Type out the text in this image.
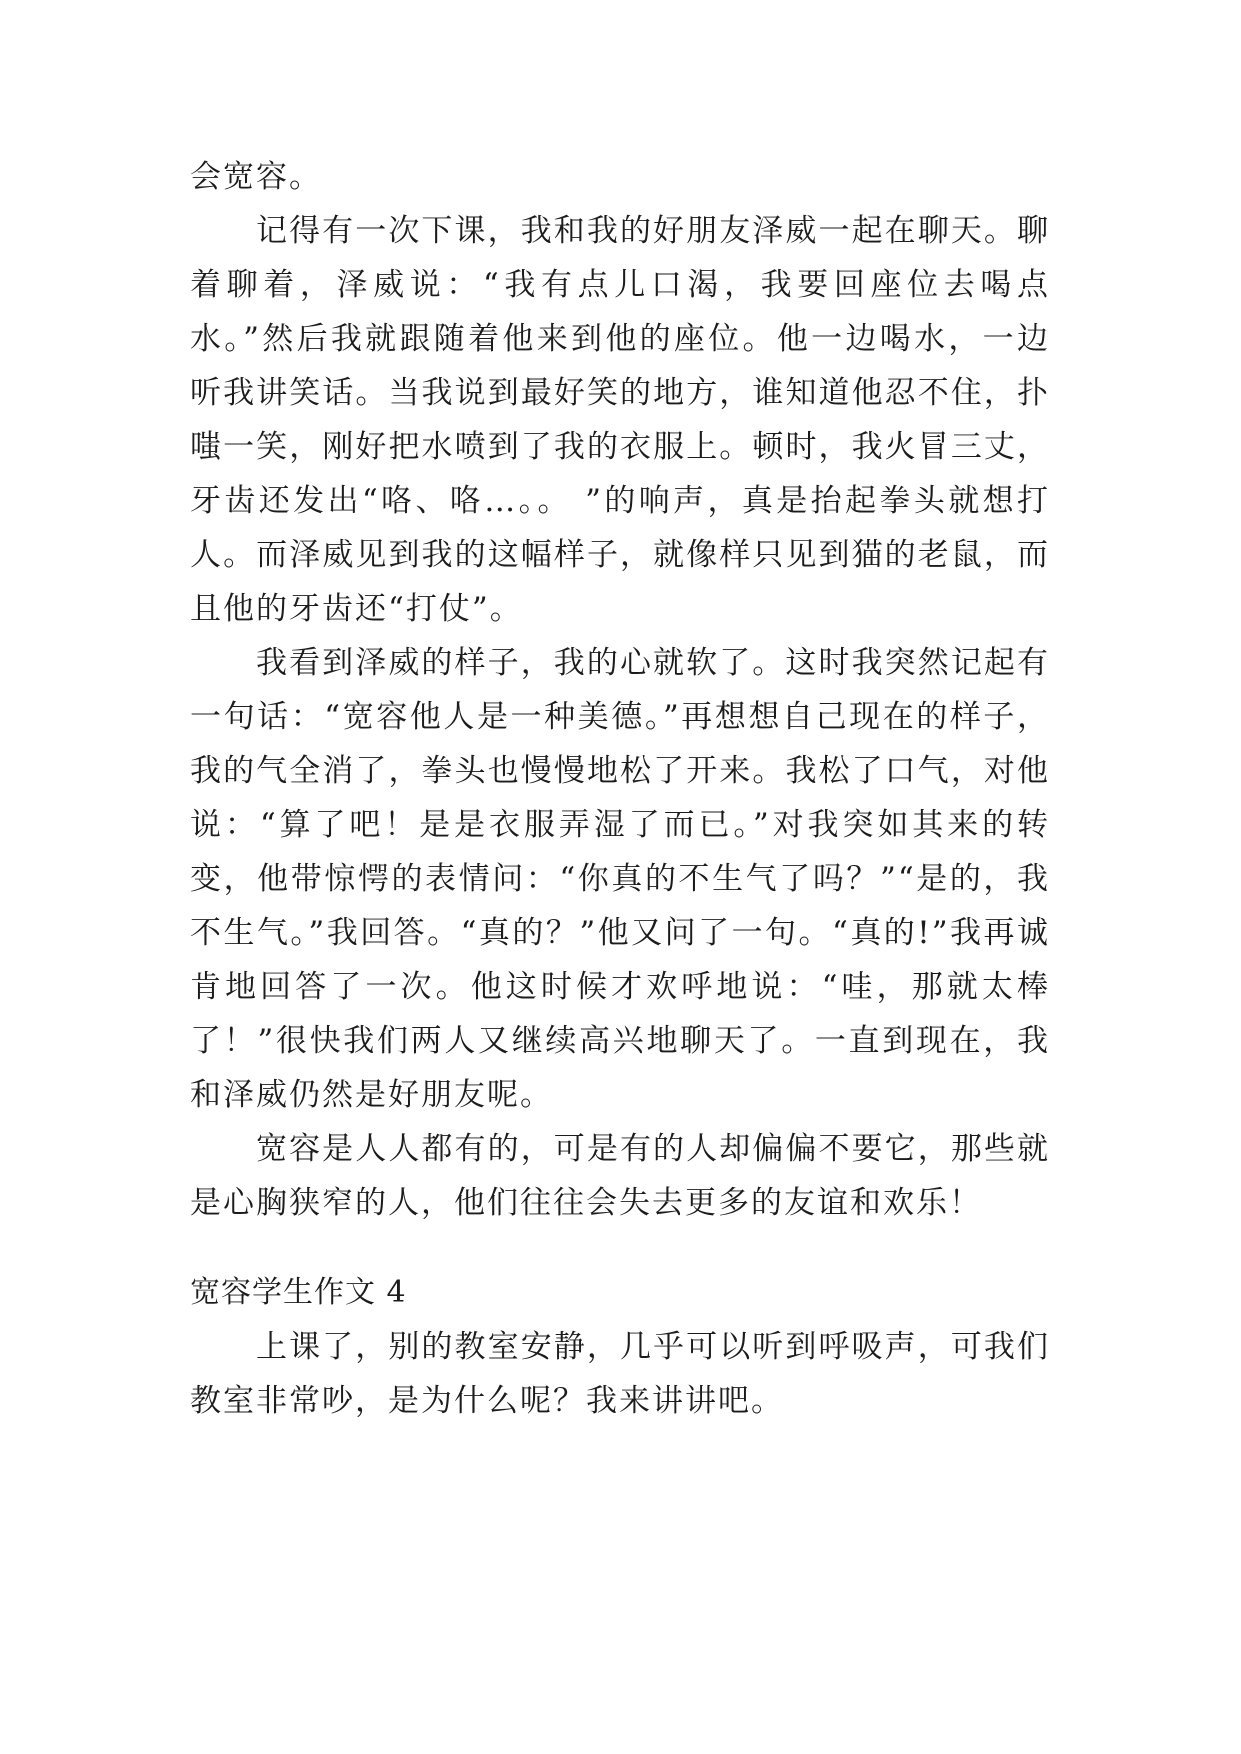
会宽容。

记得有一次下课，我和我的好朋友泽威一起在聊天。聊着聊着，泽威说：“我有点儿口渴，我要回座位去喝点水。”然后我就跟随着他来到他的座位。他一边喝水，一边听我讲笑话。当我说到最好笑的地方，谁知道他忍不住，扑嗤一笑，刚好把水喷到了我的衣服上。顿时，我火冒三丈，牙齿还发出“咯、咯…。。 ”的响声，真是抬起拳头就想打人。而泽威见到我的这幅样子，就像样只见到猫的老鼠，而且他的牙齿还“打仗”。

我看到泽威的样子，我的心就软了。这时我突然记起有一句话：“宽容他人是一种美德。”再想想自己现在的样子，我的气全消了，拳头也慢慢地松了开来。我松了口气，对他说：“算了吧！是是衣服弄湿了而已。”对我突如其来的转变，他带惊愕的表情问：“你真的不生气了吗？”“是的，我不生气。”我回答。“真的？”他又问了一句。“真的!”我再诚肯地回答了一次。他这时候才欢呼地说：“哇，那就太棒了！”很快我们两人又继续高兴地聊天了。一直到现在，我和泽威仍然是好朋友呢。

宽容是人人都有的，可是有的人却偏偏不要它，那些就是心胸狭窄的人，他们往往会失去更多的友谊和欢乐！

宽容学生作文 4

上课了，别的教室安静，几乎可以听到呼吸声，可我们教室非常吵，是为什么呢？我来讲讲吧。
